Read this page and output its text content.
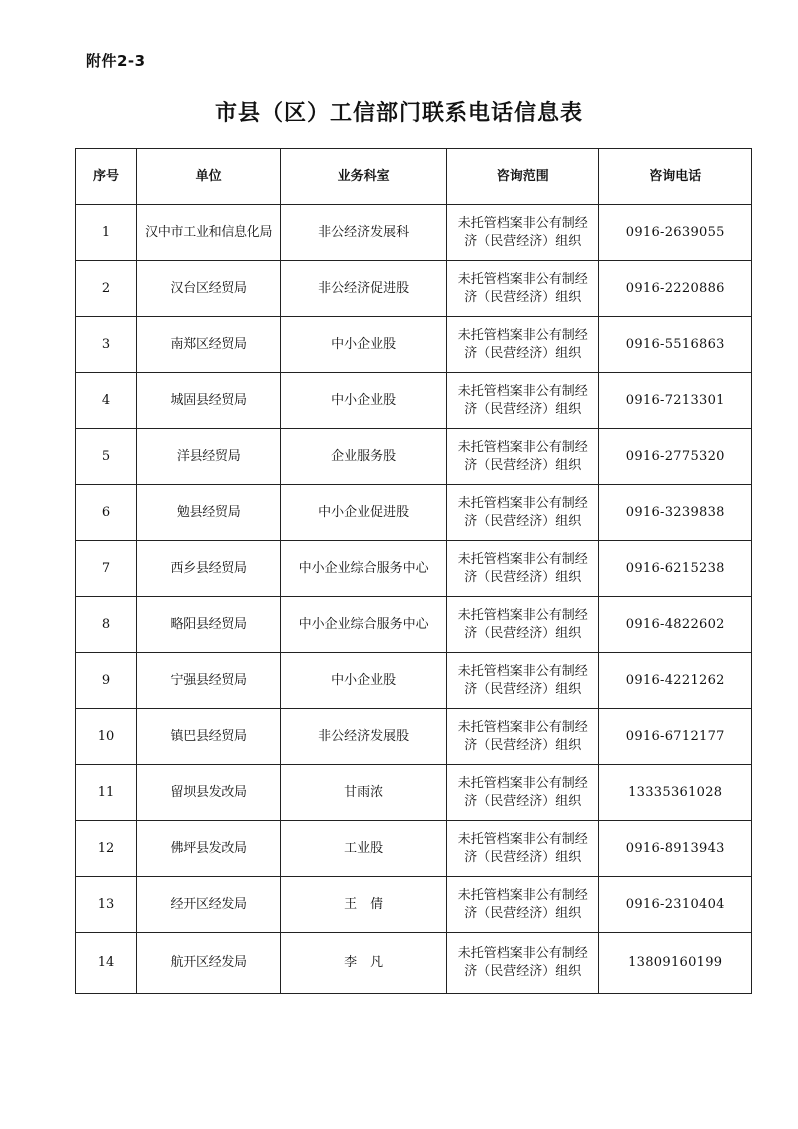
附件2-3
市县（区）工信部门联系电话信息表
序号	单位	业务科室	咨询范围	咨询电话
1	汉中市工业和信息化局	非公经济发展科	未托管档案非公有制经
济（民营经济）组织	0916-2639055
2	汉台区经贸局	非公经济促进股	未托管档案非公有制经
济（民营经济）组织	0916-2220886
3	南郑区经贸局	中小企业股	未托管档案非公有制经
济（民营经济）组织	0916-5516863
4	城固县经贸局	中小企业股	未托管档案非公有制经
济（民营经济）组织	0916-7213301
5	洋县经贸局	企业服务股	未托管档案非公有制经
济（民营经济）组织	0916-2775320
6	勉县经贸局	中小企业促进股	未托管档案非公有制经
济（民营经济）组织	0916-3239838
7	西乡县经贸局	中小企业综合服务中心	未托管档案非公有制经
济（民营经济）组织	0916-6215238
8	略阳县经贸局	中小企业综合服务中心	未托管档案非公有制经
济（民营经济）组织	0916-4822602
9	宁强县经贸局	中小企业股	未托管档案非公有制经
济（民营经济）组织	0916-4221262
10	镇巴县经贸局	非公经济发展股	未托管档案非公有制经
济（民营经济）组织	0916-6712177
11	留坝县发改局	甘雨浓	未托管档案非公有制经
济（民营经济）组织	13335361028
12	佛坪县发改局	工业股	未托管档案非公有制经
济（民营经济）组织	0916-8913943
13	经开区经发局	王　倩	未托管档案非公有制经
济（民营经济）组织	0916-2310404
14	航开区经发局	李　凡	未托管档案非公有制经
济（民营经济）组织	13809160199
